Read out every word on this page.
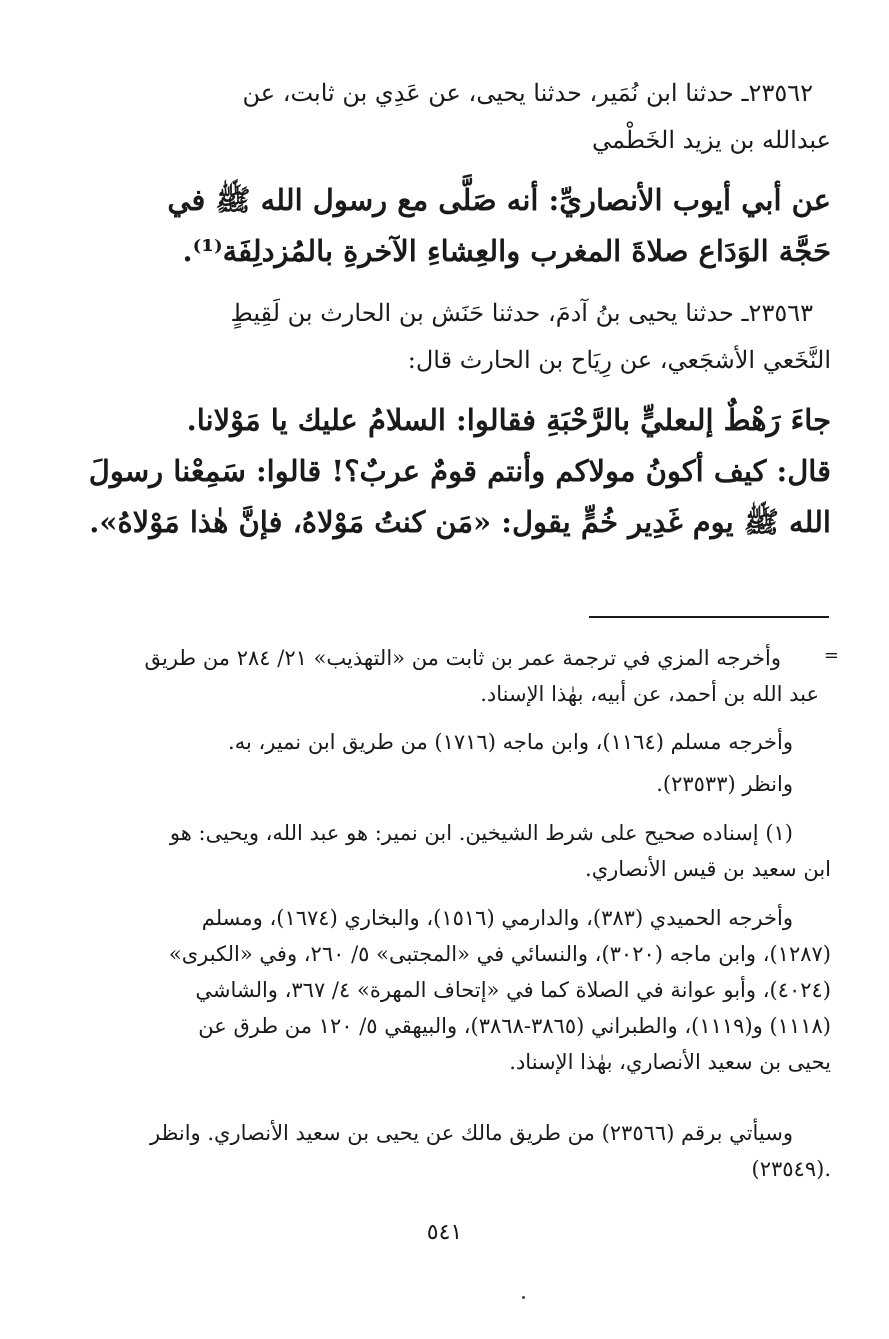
٢٣٥٦٢ـ حدثنا ابن نُمَير، حدثنا يحيى، عن عَدِي بن ثابت، عن
عبدالله بن يزيد الخَطْمي
عن أبي أيوب الأنصاريِّ: أنه صَلَّى مع رسول الله ﷺ في
حَجَّة الوَدَاع صلاةَ المغرب والعِشاءِ الآخرةِ بالمُزدلِفَة⁽¹⁾.
٢٣٥٦٣ـ حدثنا يحيى بنُ آدمَ، حدثنا حَنَش بن الحارث بن لَقِيطٍ
النَّخَعي الأشجَعي، عن رِيَاح بن الحارث قال:
جاءَ رَهْطٌ إلىعليٍّ بالرَّحْبَةِ فقالوا: السلامُ عليك يا مَوْلانا.
قال: كيف أكونُ مولاكم وأنتم قومٌ عربٌ؟! قالوا: سَمِعْنا رسولَ
الله ﷺ يوم غَدِير خُمٍّ يقول: «مَن كنتُ مَوْلاهُ، فإنَّ هٰذا مَوْلاهُ».
=
وأخرجه المزي في ترجمة عمر بن ثابت من «التهذيب» ٢١/ ٢٨٤ من طريق
عبد الله بن أحمد، عن أبيه، بهٰذا الإسناد.
وأخرجه مسلم (١١٦٤)، وابن ماجه (١٧١٦) من طريق ابن نمير، به.
وانظر (٢٣٥٣٣).
(١) إسناده صحيح على شرط الشيخين. ابن نمير: هو عبد الله، ويحيى: هو
ابن سعيد بن قيس الأنصاري.
وأخرجه الحميدي (٣٨٣)، والدارمي (١٥١٦)، والبخاري (١٦٧٤)، ومسلم
(١٢٨٧)، وابن ماجه (٣٠٢٠)، والنسائي في «المجتبى» ٥/ ٢٦٠، وفي «الكبرى»
(٤٠٢٤)، وأبو عوانة في الصلاة كما في «إتحاف المهرة» ٤/ ٣٦٧، والشاشي
(١١١٨) و(١١١٩)، والطبراني (٣٨٦٥-٣٨٦٨)، والبيهقي ٥/ ١٢٠ من طرق عن
يحيى بن سعيد الأنصاري، بهٰذا الإسناد.
وسيأتي برقم (٢٣٥٦٦) من طريق مالك عن يحيى بن سعيد الأنصاري. وانظر
.(٢٣٥٤٩)
٥٤١
